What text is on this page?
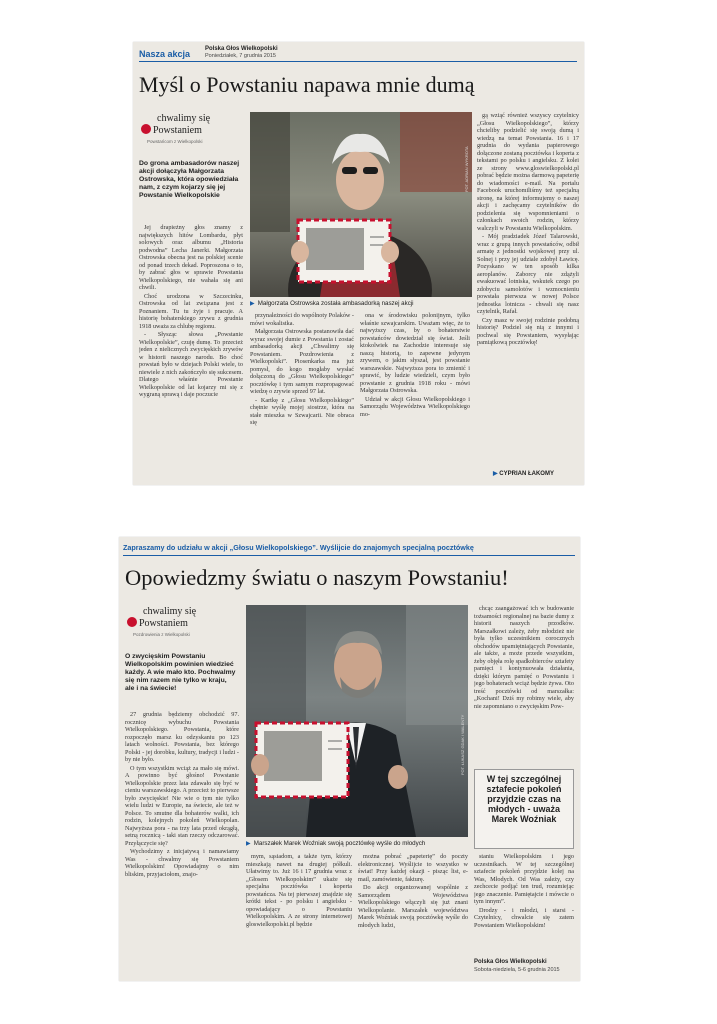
Nasza akcja Polska Głos Wielkopolski
Poniedziałek, 7 grudnia 2015
Myśl o Powstaniu napawa mnie dumą
chwalimy się
Powstaniem
Powstańcom z Wielkopolski
Do grona ambasadorów naszej akcji dołączyła Małgorzata Ostrowska, która opowiedziała nam, z czym kojarzy się jej Powstanie Wielkopolskie

Jej drapieżny głos znamy z największych hitów Lombardu, płyt solowych oraz albumu „Historia podwodna” Lecha Janerki. Małgorzata Ostrowska obecna jest na polskiej scenie od ponad trzech dekad. Poproszona o to, by zabrać głos w sprawie Powstania Wielkopolskiego, nie wahała się ani chwili.

Choć urodzona w Szczecinku, Ostrowska od lat związana jest z Poznaniem. Tu tu żyje i pracuje. A historię bohaterskiego zrywu z grudnia 1918 uważa za chlubę regionu.

- Słysząc słowa „Powstanie Wielkopolskie”, czuję dumę. To przecież jeden z nielicznych zwycięskich zrywów w historii naszego narodu. Bo choć powstań było w dziejach Polski wiele, to niewiele z nich zakończyło się sukcesem. Dlatego właśnie Powstanie Wielkopolskie od lat kojarzy mi się z wygraną sprawą i daje poczucie

FOT. ADRIAN WYKROTA
▶ Małgorzata Ostrowska została ambasadorką naszej akcji

przynależności do wspólnoty Polaków - mówi wokalistka.

Małgorzata Ostrowska postanowiła dać wyraz swojej dumie z Powstania i zostać ambasadorką akcji „Chwalimy się Powstaniem. Pozdrowienia z Wielkopolski”. Piosenkarka ma już pomysł, do kogo mogłaby wysłać dołączoną do „Głosu Wielkopolskiego” pocztówkę i tym samym rozpropagować wiedzę o zrywie sprzed 97 lat.

- Kartkę z „Głosu Wielkopolskiego” chętnie wyślę mojej siostrze, która na stałe mieszka w Szwajcarii. Nie obraca się

ona w środowisku polonijnym, tylko właśnie szwajcarskim. Uważam więc, że to najwyższy czas, by o bohaterstwie powstańców dowiedział się świat. Jeśli ktokolwiek na Zachodzie interesuje się naszą historią, to zapewne jedynym zrywem, o jakim słyszał, jest powstanie warszawskie. Najwyższa pora to zmienić i sprawić, by ludzie wiedzieli, czym było powstanie z grudnia 1918 roku - mówi Małgorzata Ostrowska.

Udział w akcji Głosu Wielkopolskiego i Samorządu Województwa Wielkopolskiego mo-

gą wziąć również wszyscy czytelnicy „Głosu Wielkopolskiego”, którzy chcieliby podzielić się swoją dumą i wiedzą na temat Powstania. 16 i 17 grudnia do wydania papierowego dołączone zostaną pocztówka i koperta z tekstami po polsku i angielsku. Z kolei ze strony www.gloswielkopolski.pl pobrać będzie można darmową papeterię do wiadomości e-mail. Na portalu Facebook uruchomiliśmy też specjalną stronę, na której informujemy o naszej akcji i zachęcamy czytelników do podzielenia się wspomnieniami o członkach swoich rodzin, którzy walczyli w Powstaniu Wielkopolskim.

- Mój pradziadek Józef Talarowski, wraz z grupą innych powstańców, odbił armatę z jednostki wojskowej przy ul. Solnej i przy jej udziale zdobył Ławicę. Pozyskano w ten sposób kilka aeroplanów. Zaborcy nie zdążyli ewakuować lotniska, wskutek czego po zdobyciu samolotów i wzmocnieniu powstała pierwsza w nowej Polsce jednostka lotnicza - chwali się nasz czytelnik, Rafał.

Czy masz w swojej rodzinie podobną historię? Podziel się nią z innymi i pochwal się Powstaniem, wysyłając pamiątkową pocztówkę!

▶ CYPRIAN ŁAKOMY
Zapraszamy do udziału w akcji „Głosu Wielkopolskiego”. Wyślijcie do znajomych specjalną pocztówkę
Opowiedzmy światu o naszym Powstaniu!
chwalimy się
Powstaniem
Pozdrowienia z Wielkopolski
O zwycięskim Powstaniu Wielkopolskim powinien wiedzieć każdy. A wie mało kto. Pochwalmy się nim razem nie tylko w kraju, ale i na świecie!

27 grudnia będziemy obchodzić 97. rocznicę wybuchu Powstania Wielkopolskiego. Powstania, które rozpoczęło marsz ku odzyskaniu po 123 latach wolności. Powstania, bez którego Polski - jej dorobku, kultury, tradycji i ludzi - by nie było.

O tym wszystkim wciąż za mało się mówi. A powinno być głośno! Powstanie Wielkopolskie przez lata zdawało się być w cieniu warszawskiego. A przecież to pierwsze było zwycięskie! Nie wie o tym nie tylko wielu ludzi w Europie, na świecie, ale też w Polsce. To smutne dla bohaterów walki, ich rodzin, kolejnych pokoleń Wielkopolan. Najwyższa pora - na trzy lata przed okrągłą, setną rocznicą - taki stan rzeczy odczarować. Przyłączycie się?

Wychodzimy z inicjatywą i namawiamy Was - chwalmy się Powstaniem Wielkopolskim! Opowiadajmy o nim bliskim, przyjaciołom, znajo-

FOT. ŁUKASZ GDAK / WALENTY
▶ Marszałek Marek Woźniak swoją pocztówkę wyśle do młodych

mym, sąsiadom, a także tym, którzy mieszkają nawet na drugiej półkuli. Ułatwimy to. Już 16 i 17 grudnia wraz z „Głosem Wielkopolskim” ukaże się specjalna pocztówka i koperta powstańcza. Na tej pierwszej znajdzie się krótki tekst - po polsku i angielsku - opowiadający o Powstaniu Wielkopolskim. A ze strony internetowej gloswielkopolski.pl będzie

można pobrać „papeterię” do poczty elektronicznej. Wyślijcie to wszystko w świat! Przy każdej okazji - pisząc list, e-mail, zamówienie, fakturę.

Do akcji organizowanej wspólnie z Samorządem Województwa Wielkopolskiego włączyli się już znani Wielkopolanie. Marszałek województwa Marek Woźniak swoją pocztówkę wyśle do młodych ludzi,

chcąc zaangażować ich w budowanie tożsamości regionalnej na bazie dumy z historii naszych przodków. Marszałkowi zależy, żeby młodzież nie była tylko uczestnikiem corocznych obchodów upamiętniających Powstanie, ale także, a może przede wszystkim, żeby objęła rolę spadkobierców sztafety pamięci i kontynuowała działania, dzięki którym pamięć o Powstaniu i jego bohaterach wciąż będzie żywa. Oto treść pocztówki od marszałka: „Kochani! Dziś my robimy wiele, aby nie zapomniano o zwycięskim Pow-

W tej szczególnej sztafecie pokoleń przyjdzie czas na młodych - uważa Marek Woźniak

staniu Wielkopolskim i jego uczestnikach. W tej szczególnej sztafecie pokoleń przyjdzie kolej na Was, Młodych. Od Was zależy, czy zechcecie podjąć ten trud, rozumiejąc jego znaczenie. Pamiętajcie i mówcie o tym innym”.

Drodzy - i młodzi, i starsi - Czytelnicy, chwalcie się zatem Powstaniem Wielkopolskim!

Polska Głos Wielkopolski
Sobota-niedziela, 5-6 grudnia 2015
